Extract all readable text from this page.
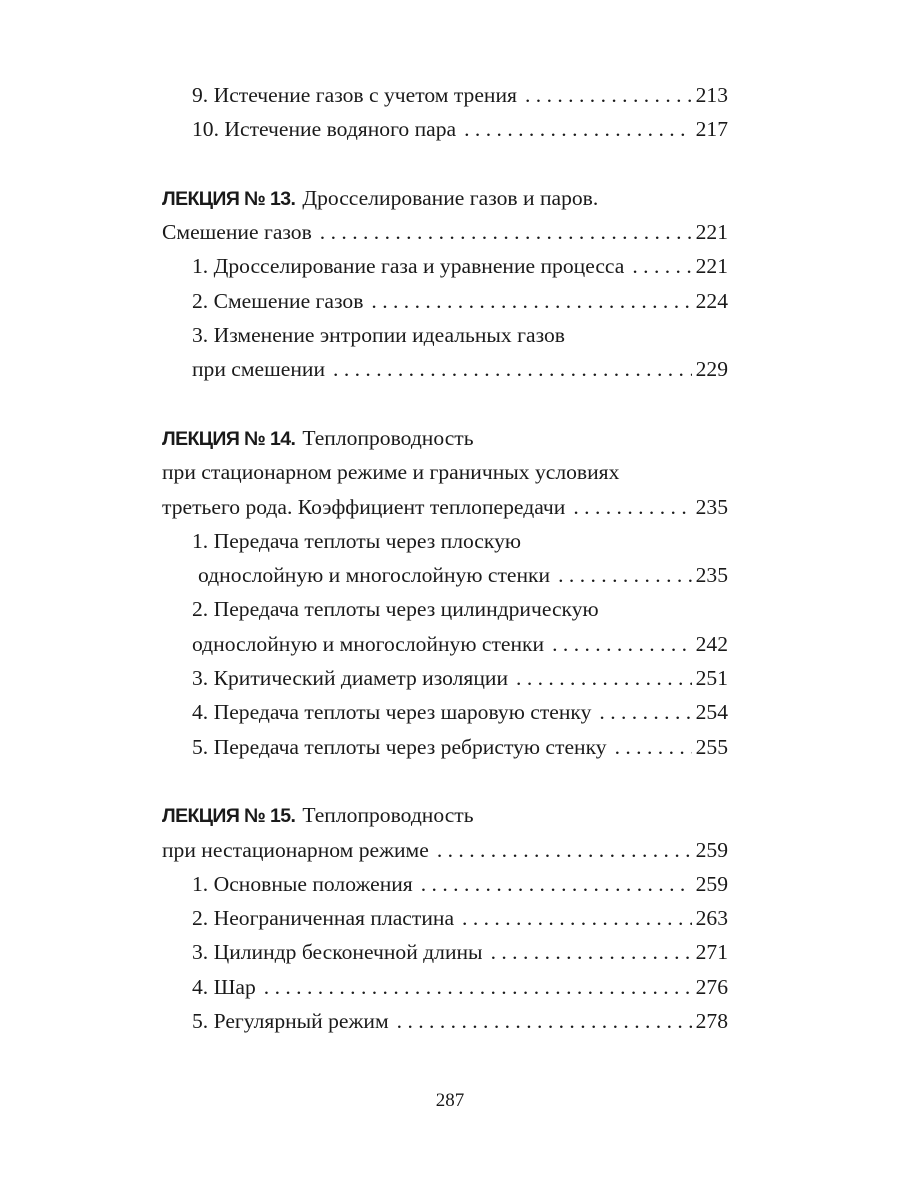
9. Истечение газов с учетом трения . . .	213
10. Истечение водяного пара . . .	217
ЛЕКЦИЯ № 13. Дросселирование газов и паров.
Смешение газов . . .	221
1. Дросселирование газа и уравнение процесса . . .	221
2. Смешение газов . . .	224
3. Изменение энтропии идеальных газов
при смешении . . .	229
ЛЕКЦИЯ № 14. Теплопроводность
при стационарном режиме и граничных условиях
третьего рода. Коэффициент теплопередачи . . .	235
1. Передача теплоты через плоскую
однослойную и многослойную стенки . . .	235
2. Передача теплоты через цилиндрическую
однослойную и многослойную стенки . . .	242
3. Критический диаметр изоляции . . .	251
4. Передача теплоты через шаровую стенку . . .	254
5. Передача теплоты через ребристую стенку . . .	255
ЛЕКЦИЯ № 15. Теплопроводность
при нестационарном режиме . . .	259
1. Основные положения . . .	259
2. Неограниченная пластина . . .	263
3. Цилиндр бесконечной длины . . .	271
4. Шар . . .	276
5. Регулярный режим . . .	278
287
